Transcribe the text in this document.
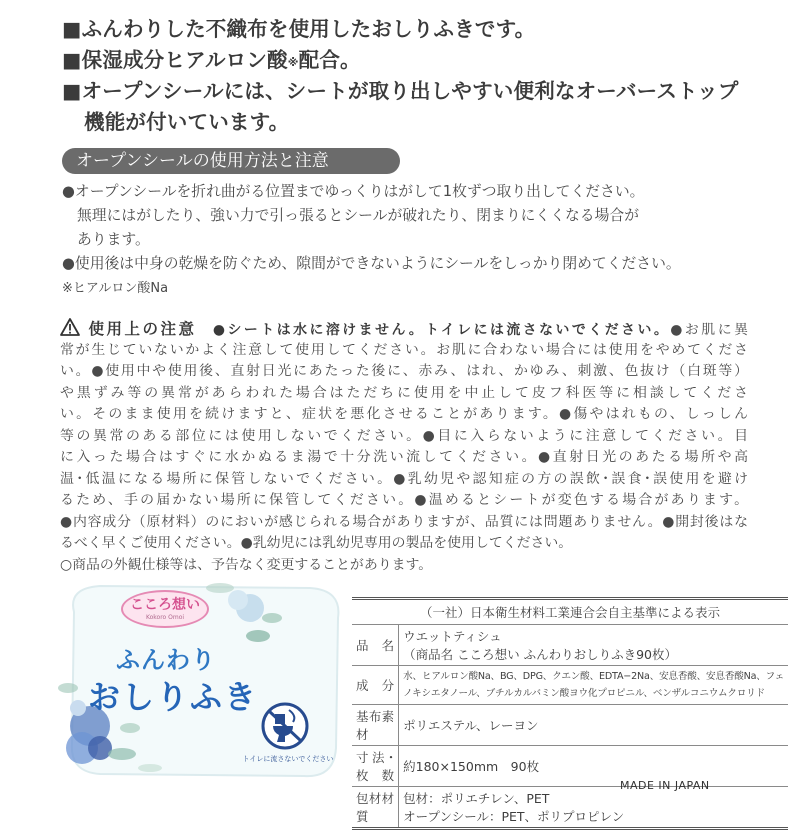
■ふんわりした不織布を使用したおしりふきです。
■保湿成分ヒアルロン酸※配合。
■オープンシールには、シートが取り出しやすい便利なオーバーストップ
機能が付いています。
オープンシールの使用方法と注意
●オープンシールを折れ曲がる位置までゆっくりはがして1枚ずつ取り出してください。
無理にはがしたり、強い力で引っ張るとシールが破れたり、閉まりにくくなる場合が
あります。
●使用後は中身の乾燥を防ぐため、隙間ができないようにシールをしっかり閉めてください。
※ヒアルロン酸Na
使用上の注意　 ●シートは水に溶けません。トイレには流さないでください。●お肌に異
常が生じていないかよく注意して使用してください。お肌に合わない場合には使用をやめてくださ
い。●使用中や使用後、直射日光にあたった後に、赤み、はれ、かゆみ、刺激、色抜け（白斑等）
や黒ずみ等の異常があらわれた場合はただちに使用を中止して皮フ科医等に相談してくださ
い。そのまま使用を続けますと、症状を悪化させることがあります。●傷やはれもの、しっしん
等の異常のある部位には使用しないでください。●目に入らないように注意してください。目
に入った場合はすぐに水かぬるま湯で十分洗い流してください。●直射日光のあたる場所や高
温･低温になる場所に保管しないでください。●乳幼児や認知症の方の誤飲･誤食･誤使用を避け
るため、手の届かない場所に保管してください。●温めるとシートが変色する場合があります。
●内容成分（原材料）のにおいが感じられる場合がありますが、品質には問題ありません。●開封後はな
るべく早くご使用ください。●乳幼児には乳幼児専用の製品を使用してください。
○商品の外観仕様等は、予告なく変更することがあります。
こころ想い
Kokoro Omoi
ふんわり
おしりふき
トイレに流さないでください
（一社）日本衛生材料工業連合会自主基準による表示	
品　名	ウエットティシュ
（商品名 こころ想い ふんわりおしりふき90枚）

成　分	水、ヒアルロン酸Na、BG、DPG、クエン酸、EDTA−2Na、安息香酸、安息香酸Na、フェ
ノキシエタノール、ブチルカルバミン酸ヨウ化プロピニル、ベンザルコニウムクロリド

基布素材	ポリエステル、レーヨン
寸法･枚数	約180×150mm　90枚
包材材質	包材：ポリエチレン、PET
オープンシール：PET、ポリプロピレン
MADE IN JAPAN
